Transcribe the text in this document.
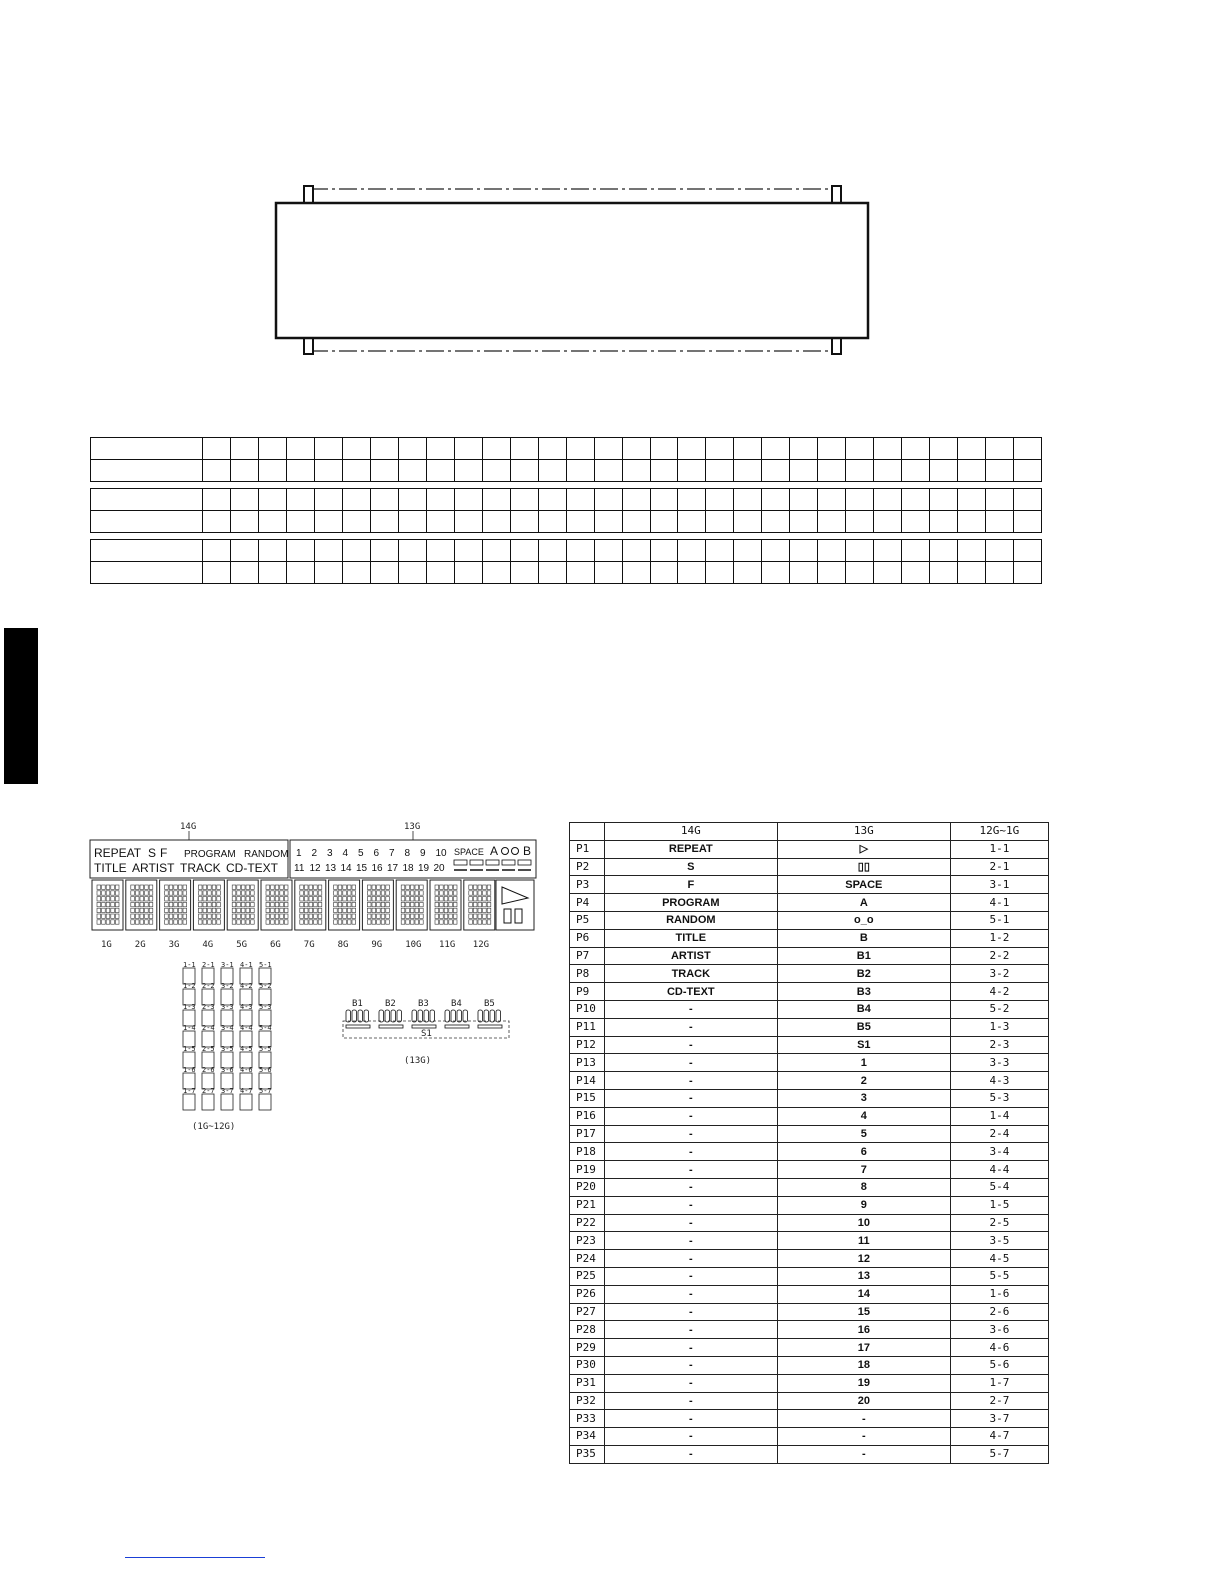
14G	13G
REPEAT S F PROGRAM RANDOM
TITLE ARTIST TRACK CD-TEXT
1 2 3 4 5 6 7 8 9 10
11 12 13 14 15 16 17 18 19 20
SPACE A B
1G	2G	3G	4G	5G	6G	7G	8G	9G	10G 11G 12G
1-1 2-1 3-1 4-1 5-1
1-2 2-2 3-2 4-2 5-2
1-3 2-3 3-3 4-3 5-3
1-4 2-4 3-4 4-4 5-4
1-5 2-5 3-5 4-5 5-5
1-6 2-6 3-6 4-6 5-6
1-7 2-7 3-7 4-7 5-7
(1G~12G)
B1 B2 B3 B4 B5
S1
(13G)
	14G	13G	12G~1G
P1	REPEAT	▷	1-1
P2	S	▯▯	2-1
P3	F	SPACE	3-1
P4	PROGRAM	A	4-1
P5	RANDOM	o_o	5-1
P6	TITLE	B	1-2
P7	ARTIST	B1	2-2
P8	TRACK	B2	3-2
P9	CD-TEXT	B3	4-2
P10	-	B4	5-2
P11	-	B5	1-3
P12	-	S1	2-3
P13	-	1	3-3
P14	-	2	4-3
P15	-	3	5-3
P16	-	4	1-4
P17	-	5	2-4
P18	-	6	3-4
P19	-	7	4-4
P20	-	8	5-4
P21	-	9	1-5
P22	-	10	2-5
P23	-	11	3-5
P24	-	12	4-5
P25	-	13	5-5
P26	-	14	1-6
P27	-	15	2-6
P28	-	16	3-6
P29	-	17	4-6
P30	-	18	5-6
P31	-	19	1-7
P32	-	20	2-7
P33	-	-	3-7
P34	-	-	4-7
P35	-	-	5-7
